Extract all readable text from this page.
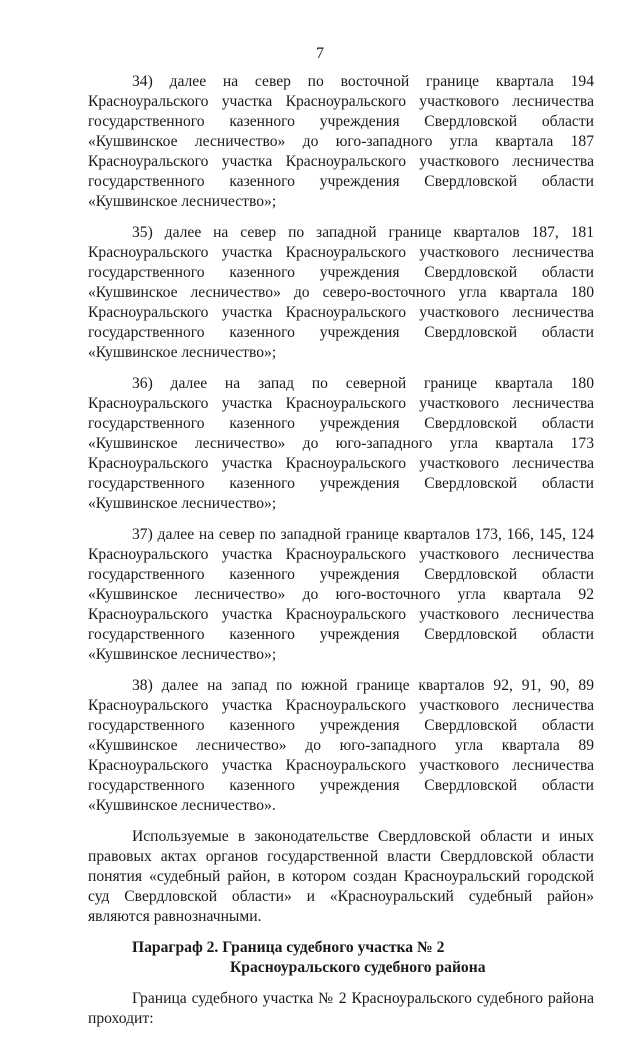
7

34) далее на север по восточной границе квартала 194 Красноуральского участка Красноуральского участкового лесничества государственного казенного учреждения Свердловской области «Кушвинское лесничество» до юго-западного угла квартала 187 Красноуральского участка Красноуральского участкового лесничества государственного казенного учреждения Свердловской области «Кушвинское лесничество»;

35) далее на север по западной границе кварталов 187, 181 Красноуральского участка Красноуральского участкового лесничества государственного казенного учреждения Свердловской области «Кушвинское лесничество» до северо-восточного угла квартала 180 Красноуральского участка Красноуральского участкового лесничества государственного казенного учреждения Свердловской области «Кушвинское лесничество»;

36) далее на запад по северной границе квартала 180 Красноуральского участка Красноуральского участкового лесничества государственного казенного учреждения Свердловской области «Кушвинское лесничество» до юго-западного угла квартала 173 Красноуральского участка Красноуральского участкового лесничества государственного казенного учреждения Свердловской области «Кушвинское лесничество»;

37) далее на север по западной границе кварталов 173, 166, 145, 124 Красноуральского участка Красноуральского участкового лесничества государственного казенного учреждения Свердловской области «Кушвинское лесничество» до юго-восточного угла квартала 92 Красноуральского участка Красноуральского участкового лесничества государственного казенного учреждения Свердловской области «Кушвинское лесничество»;

38) далее на запад по южной границе кварталов 92, 91, 90, 89 Красноуральского участка Красноуральского участкового лесничества государственного казенного учреждения Свердловской области «Кушвинское лесничество» до юго-западного угла квартала 89 Красноуральского участка Красноуральского участкового лесничества государственного казенного учреждения Свердловской области «Кушвинское лесничество».

Используемые в законодательстве Свердловской области и иных правовых актах органов государственной власти Свердловской области понятия «судебный район, в котором создан Красноуральский городской суд Свердловской области» и «Красноуральский судебный район» являются равнозначными.

Параграф 2. Граница судебного участка № 2
Красноуральского судебного района

Граница судебного участка № 2 Красноуральского судебного района проходит:
